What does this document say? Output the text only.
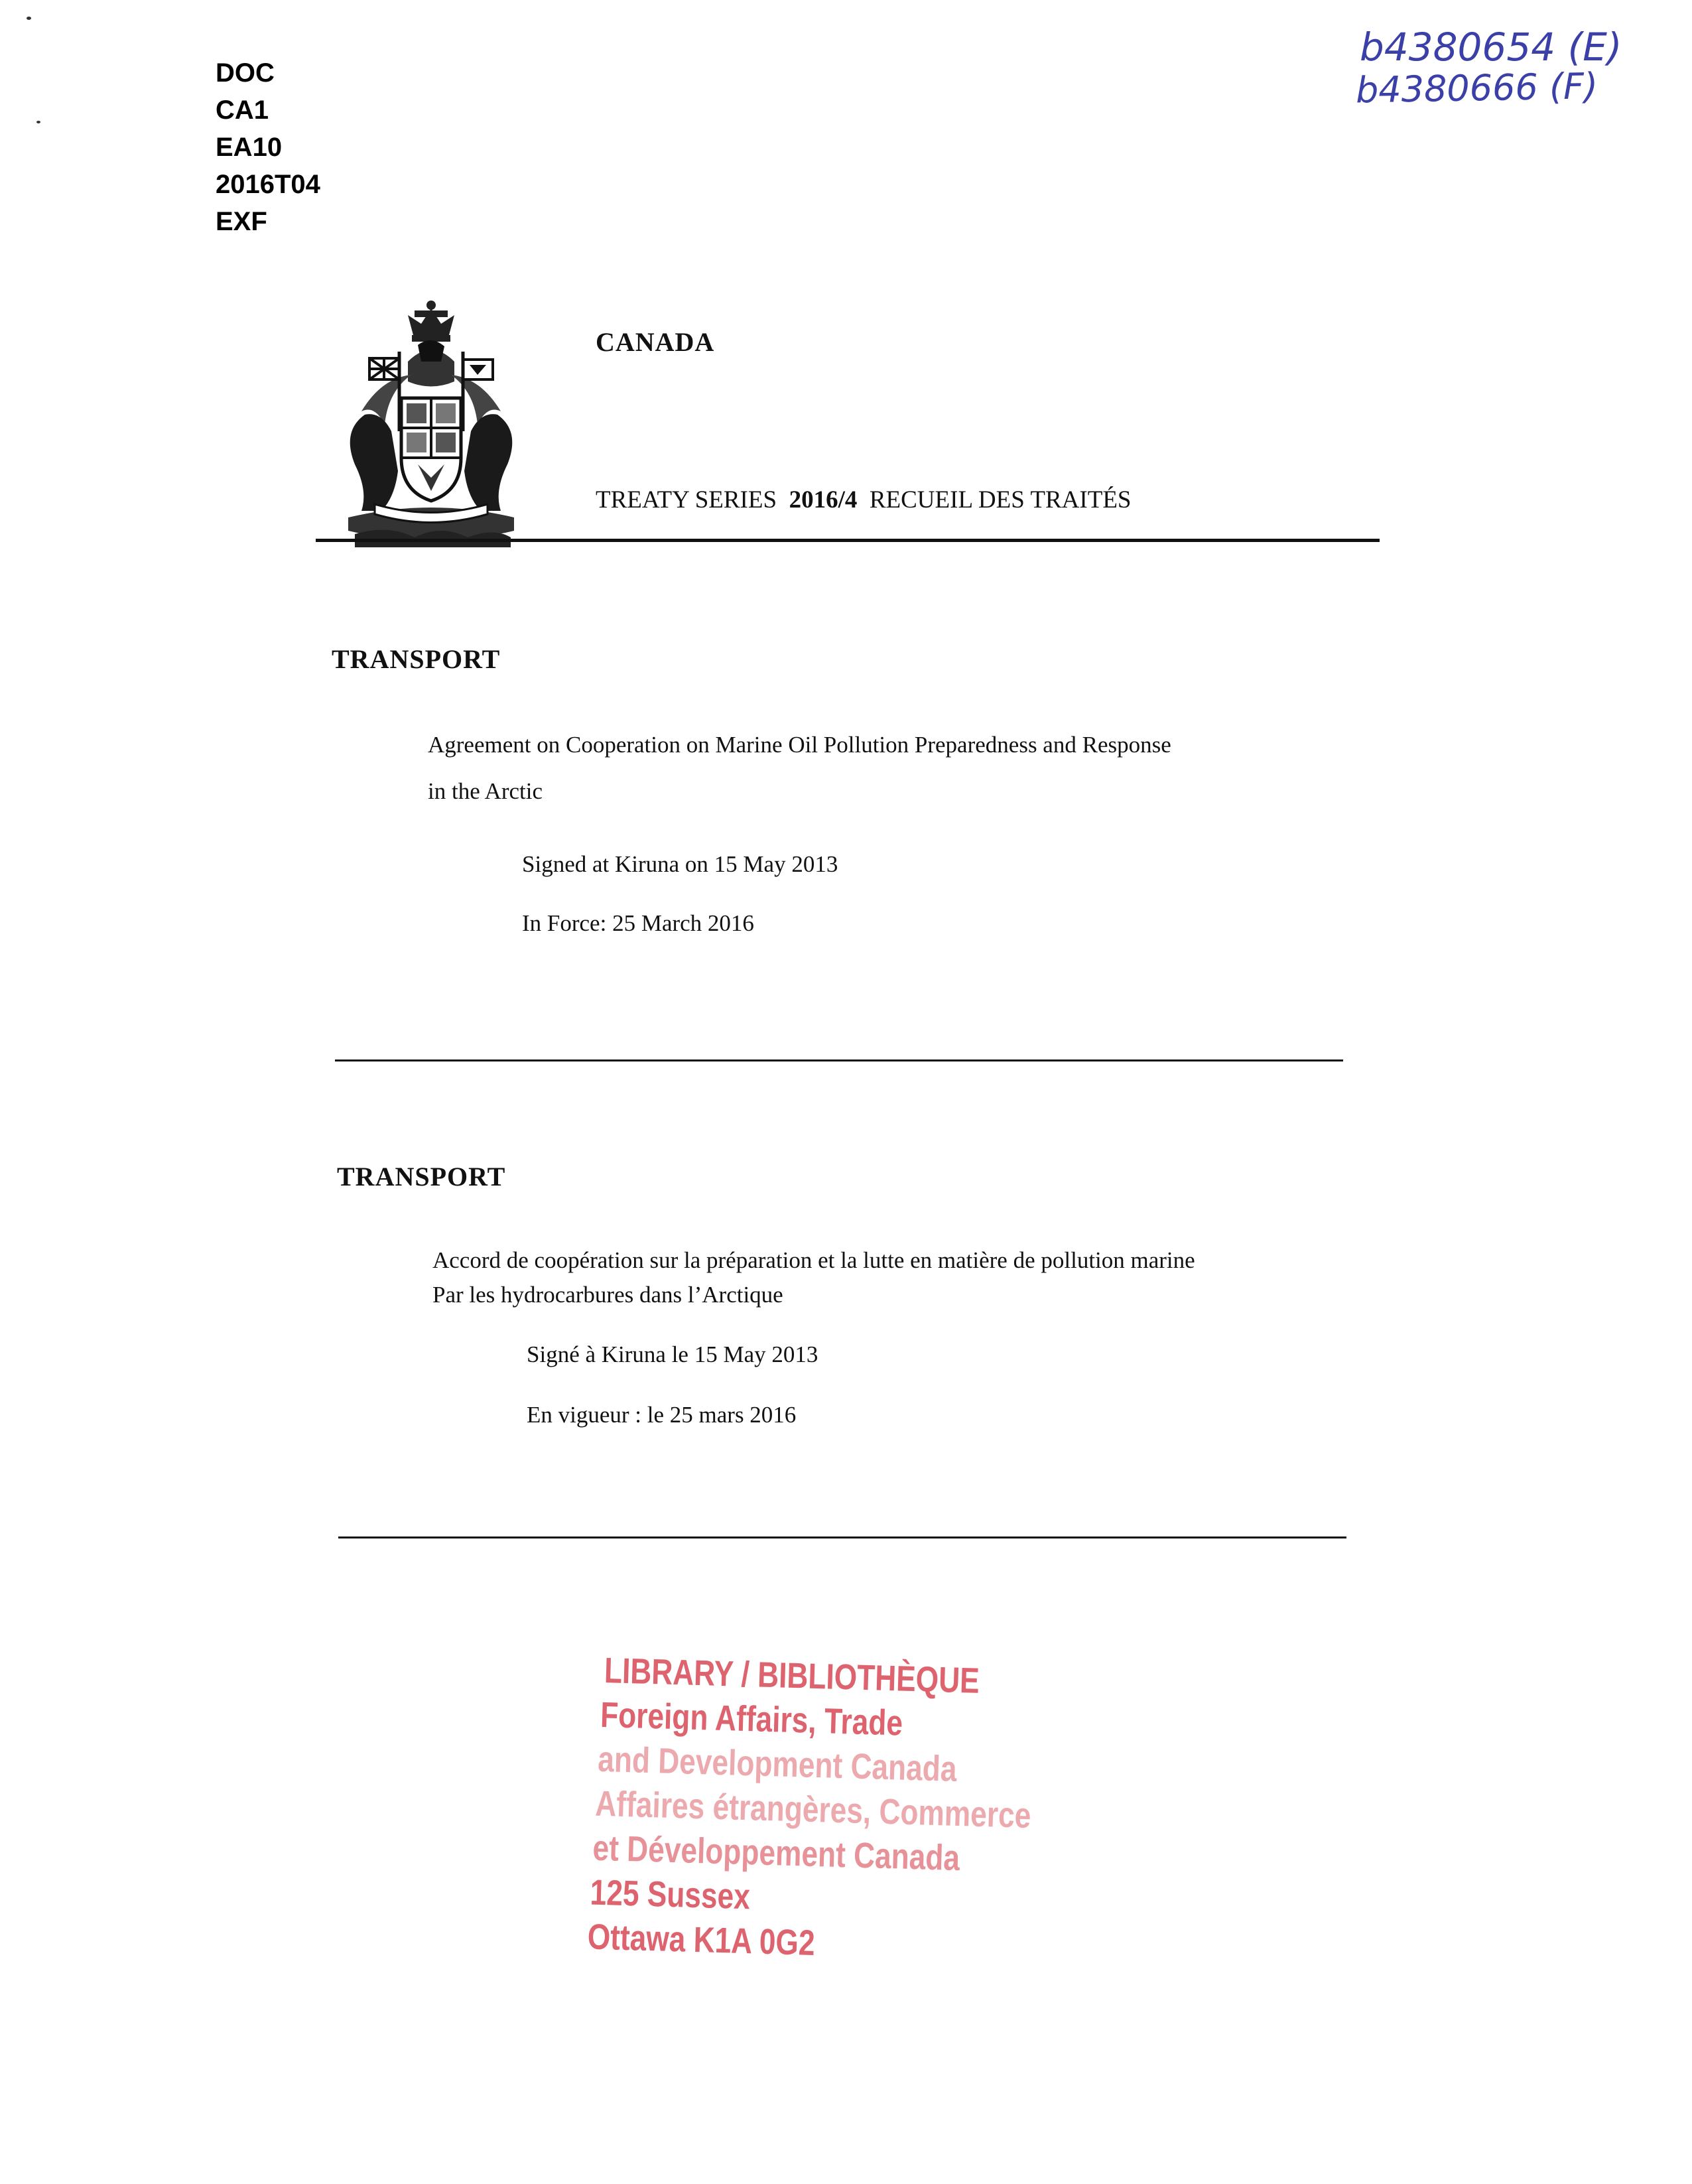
DOC
CA1
EA10
2016T04
EXF
b4380654 (E)
b4380666 (F)
CANADA
TREATY SERIES 2016/4 RECUEIL DES TRAITÉS
TRANSPORT
Agreement on Cooperation on Marine Oil Pollution Preparedness and Response
in the Arctic
Signed at Kiruna on 15 May 2013
In Force: 25 March 2016
TRANSPORT
Accord de coopération sur la préparation et la lutte en matière de pollution marine
Par les hydrocarbures dans l’Arctique
Signé à Kiruna le 15 May 2013
En vigueur : le 25 mars 2016
LIBRARY / BIBLIOTHÈQUE
Foreign Affairs, Trade
and Development Canada
Affaires étrangères, Commerce
et Développement Canada
125 Sussex
Ottawa K1A 0G2
